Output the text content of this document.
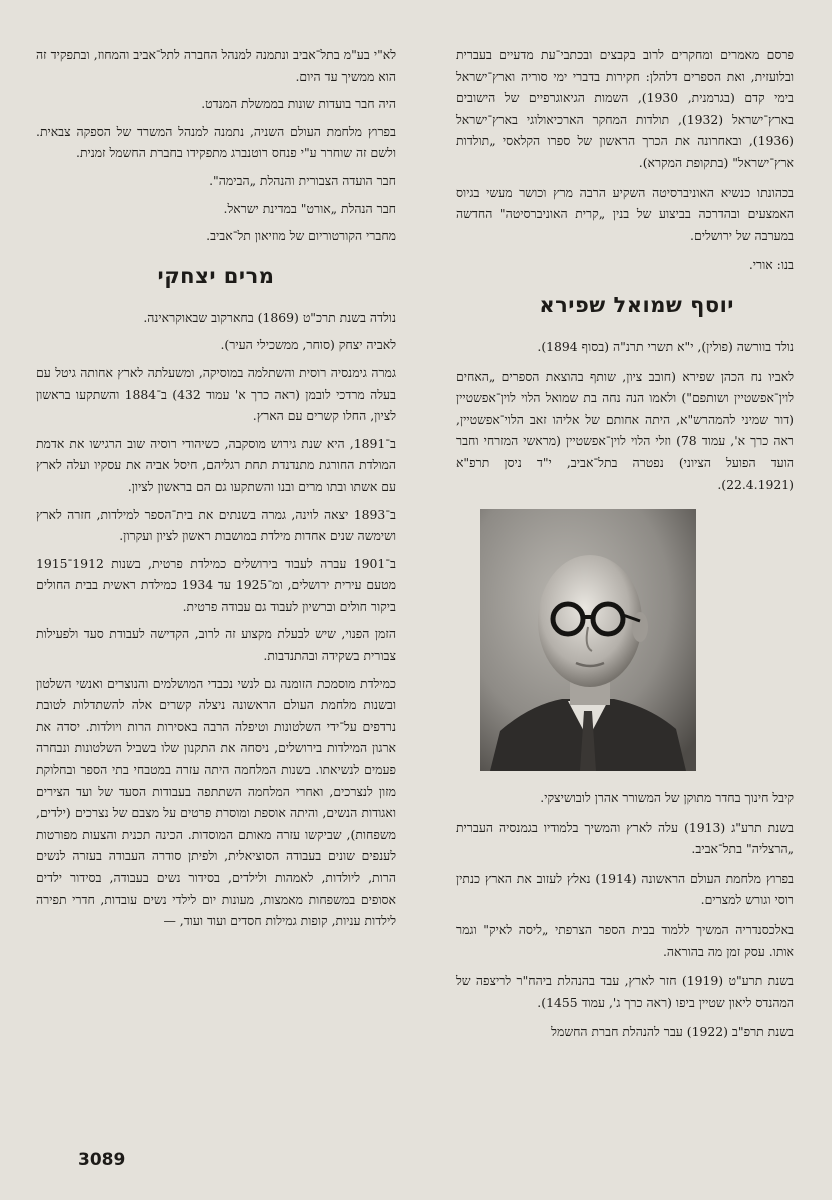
פרסם מאמרים ומחקרים לרוב בקבצים ובכתבי־עת מדעיים בעברית ובלועזית, ואת הספרים דלהלן: חקירות בדברי ימי סוריה וארץ־ישראל בימי קדם (בגרמנית, 1930), השמות הגיאוגרפיים של הישובים בארץ־ישראל (1932), תולדות המחקר הארכיאולוגי בארץ־ישראל (1936), ובאחרונה את הכרך הראשון של ספרו הקלאסי „תולדות ארץ־ישראל" (בתקופת המקרא).

בכהונתו כנשיא האוניברסיטה השקיע הרבה מרץ וכושר מעשי בגיוס האמצעים ובהדרכה בביצוע של בנין „קרית האוניברסיטה" החדשה במערבה של ירושלים.

בנו: אורי.

יוסף שמואל שפירא

נולד בוורשה (פולין), י"א תשרי תרנ"ה (בסוף 1894).

לאביו נח הכהן שפירא (חובב ציון, שותף בהוצאת הספרים „האחים לוין־אפשטיין ושותפם") ולאמו הנה נחה בת שמואל הלוי לוין־אפשטיין (דור שמיני להמהרש"א, היתה אחותם של אליהו זאב הלוי־אפשטיין, ראה כרך א', עמוד 78) וזלי הלוי לוין־אפשטיין (מראשי המזרחי וחבר הועד הפועל הציוני) נפטרה בתל־אביב, י"ד ניסן תרפ"א (22.4.1921).

קיבל חינוך בחדר מתוקן של המשורר אהרן לובושיצקי.

בשנת תרע"ג (1913) עלה לארץ והמשיך בלמודיו בגמנסיה העברית „הרצליה" בתל־אביב.

בפרוץ מלחמת העולם הראשונה (1914) נאלץ לעזוב את הארץ כנתין רוסי וגורש למצרים.

באלכסנדריה המשיך ללמוד בבית הספר הצרפתי „ליסה לאיק" וגמר אותו. עסק זמן מה בהוראה.

בשנת תרע"ט (1919) חזר לארץ, עבד בהנהלת ביהח"ר לריצפה של המהנדס ליאון שטיין ביפו (ראה כרך ג', עמוד 1455).

בשנת תרפ"ב (1922) עבר להנהלת חברת החשמל

לא"י בע"מ בתל־אביב ונתמנה למנהל החברה לתל־אביב והמחוז, ובתפקיד זה הוא ממשיך עד היום.

היה חבר בועדות שונות בממשלת המנדט.

בפרוץ מלחמת העולם השניה, נתמנה למנהל המשרד של הספקה צבאית. ולשם זה שוחרר ע"י פנחס רוטנברג מתפקידו בחברת החשמל זמנית.

חבר הועדה הצבורית והנהלת „הבימה".

חבר הנהלת „אורט" במדינת ישראל.

מחברי הקורטוריום של מוזיאון תל־אביב.

מרים יצחקי

נולדה בשנת תרכ"ט (1869) בחארקוב שבאוקראינה.

לאביה יצחק (סוחר, ממשכילי העיר).

גמרה גימנסיה רוסית והשתלמה במוסיקה, ומשעלתה לארץ אחותה גיטל עם בעלה מרדכי לובמן (ראה כרך א' עמוד 432) ב־1884 והשתקעו בראשון לציון, החלו קשרים עם הארץ.

ב־1891, היא שנת גירוש מוסקבה, כשיהודי רוסיה שוב הרגישו את אדמת המולדת החורגת מתנדנדת תחת רגליהם, חיסל אביה את עסקיו ועלה לארץ עם אשתו ובתו מרים ובנו והשתקעו גם הם בראשון לציון.

ב־1893 יצאה לוינה, גמרה בשנתים את בית־הספר למילדות, חזרה לארץ ושימשה שנים אחדות מילדת במושבות ראשון לציון ועקרון.

ב־1901 עברה לעבוד בירושלים כמילדת פרטית, בשנות 1912־1915 מטעם עירית ירושלים, ומ־1925 עד 1934 כמילדת ראשית בבית החולים ביקור חולים וברשיון לעבוד גם עבודה פרטית.

הזמן הפנוי, שיש לבעלת מקצוע זה לרוב, הקדישה לעבודת סעד ולפעילות צבורית בשקידה ובהתנדבות.

כמילדת מוסמכת הזומנה גם לנשי נכבדי המושלמים והנוצרים ואנשי השלטון ובשנות מלחמת העולם הראשונה ניצלה קשרים אלה להשתדלות לטובת נרדפים על־ידי השלטונות וטיפלה הרבה באסירות הרות ויולדות. יסדה את ארגון המילדות בירושלים, ניסחה את התקנון שלו בשביל השלטונות ונבחרה פעמים לנשיאתו. בשנות המלחמה היתה עזרה במטבחי בתי הספר ובחלוקת מזון לנצרכים, ואחרי המלחמה השתתפה בעבודות הסעד של ועד הצירים ואגודות הנשים, והיתה אוספת ומוסרת פרטים על מצבם של נצרכים (ילדים, משפחות), שביקשו עזרה מאותם המוסדות. הכינה תכנית והצעות מפורטות לענפים שונים בעבודה הסוציאלית, ולפיתן סודרה העבודה בעזרה לנשים הרות, ליולדות, לאמהות ולילדים, בסידור נשים בעבודה, בסידור ילדים אסופים במשפחות מאמצות, מעונות יום לילדי נשים עובדות, חדרי תפירה לילדות עניות, קופות גמילות חסדים ועוד ועוד, —

3089
